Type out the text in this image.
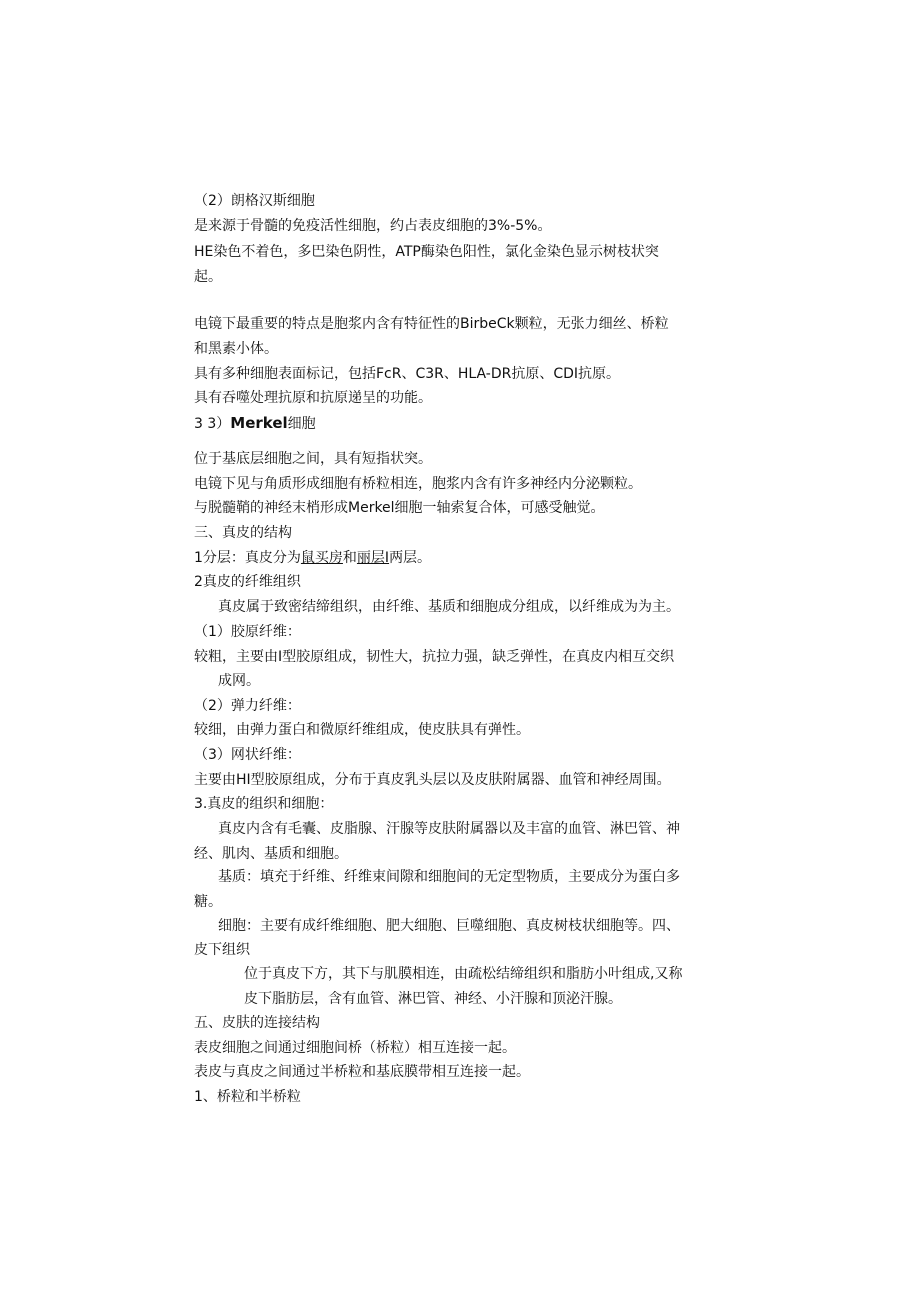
（2）朗格汉斯细胞
是来源于骨髓的免疫活性细胞，约占表皮细胞的3%-5%。
HE染色不着色，多巴染色阴性，ATP酶染色阳性，氯化金染色显示树枝状突
起。
电镜下最重要的特点是胞浆内含有特征性的BirbeCk颗粒，无张力细丝、桥粒
和黑素小体。
具有多种细胞表面标记，包括FcR、C3R、HLA-DR抗原、CDI抗原。
具有吞噬处理抗原和抗原递呈的功能。
3 3）Merkel细胞
位于基底层细胞之间，具有短指状突。
电镜下见与角质形成细胞有桥粒相连，胞浆内含有许多神经内分泌颗粒。
与脱髓鞘的神经末梢形成Merkel细胞一轴索复合体，可感受触觉。
三、真皮的结构
1分层：真皮分为鼠买房和丽层I两层。
2真皮的纤维组织
真皮属于致密结缔组织，由纤维、基质和细胞成分组成，以纤维成为为主。
（1）胶原纤维：
较粗，主要由I型胶原组成，韧性大，抗拉力强，缺乏弹性，在真皮内相互交织
成网。
（2）弹力纤维：
较细，由弹力蛋白和微原纤维组成，使皮肤具有弹性。
（3）网状纤维：
主要由HI型胶原组成，分布于真皮乳头层以及皮肤附属器、血管和神经周围。
3.真皮的组织和细胞：
真皮内含有毛囊、皮脂腺、汗腺等皮肤附属器以及丰富的血管、淋巴管、神
经、肌肉、基质和细胞。
基质：填充于纤维、纤维束间隙和细胞间的无定型物质，主要成分为蛋白多
糖。
细胞：主要有成纤维细胞、肥大细胞、巨噬细胞、真皮树枝状细胞等。四、
皮下组织
位于真皮下方，其下与肌膜相连，由疏松结缔组织和脂肪小叶组成,又称
皮下脂肪层，含有血管、淋巴管、神经、小汗腺和顶泌汗腺。
五、皮肤的连接结构
表皮细胞之间通过细胞间桥（桥粒）相互连接一起。
表皮与真皮之间通过半桥粒和基底膜带相互连接一起。
1、桥粒和半桥粒
